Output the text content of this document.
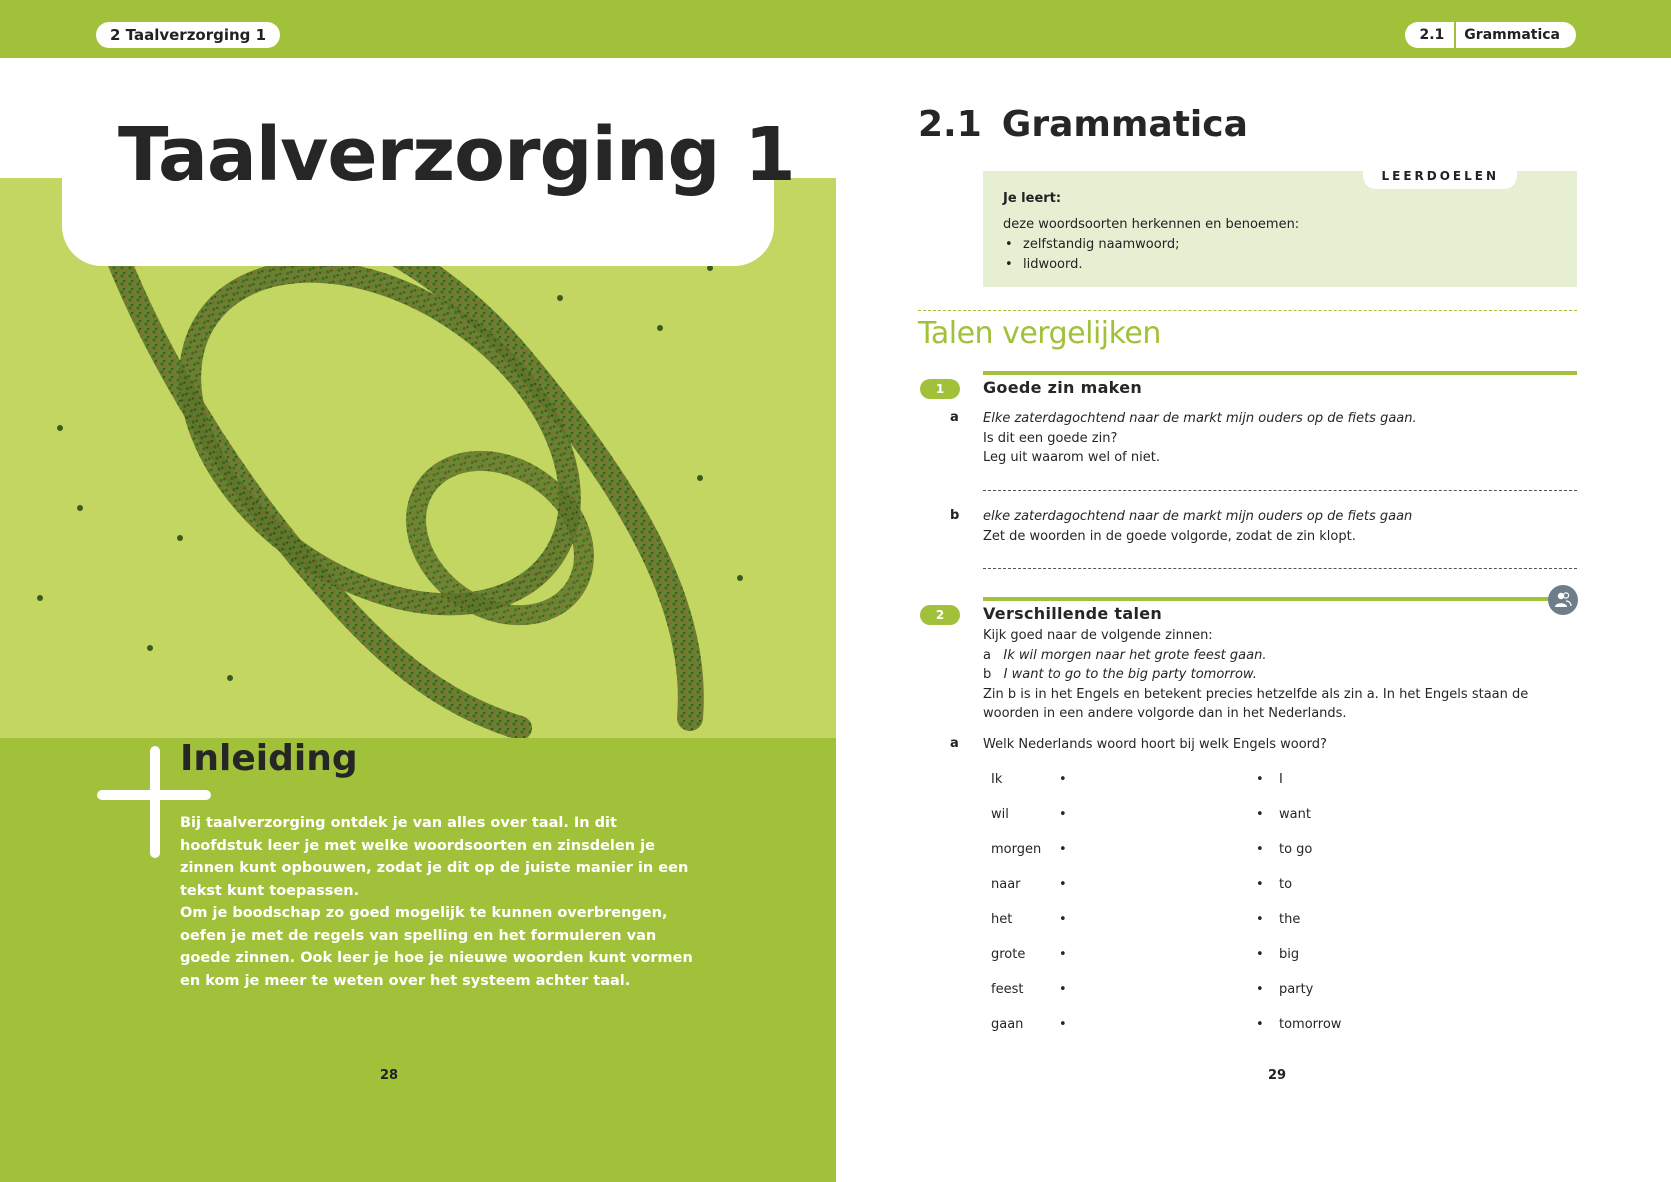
2 Taalverzorging 1	2.1	Grammatica
Taalverzorging 1
Inleiding

Bij taalverzorging ontdek je van alles over taal. In dit hoofdstuk leer je met welke woordsoorten en zinsdelen je zinnen kunt opbouwen, zodat je dit op de juiste manier in een tekst kunt toepassen.

Om je boodschap zo goed mogelijk te kunnen overbrengen, oefen je met de regels van spelling en het formuleren van goede zinnen. Ook leer je hoe je nieuwe woorden kunt vormen en kom je meer te weten over het systeem achter taal.

28
2.1 Grammatica
LEERDOELEN
Je leert:
deze woordsoorten herkennen en benoemen:
• zelfstandig naamwoord;
• lidwoord.
Talen vergelijken
1	Goede zin maken
a Elke zaterdagochtend naar de markt mijn ouders op de fiets gaan.
Is dit een goede zin?
Leg uit waarom wel of niet.
b elke zaterdagochtend naar de markt mijn ouders op de fiets gaan
Zet de woorden in de goede volgorde, zodat de zin klopt.
2	Verschillende talen
Kijk goed naar de volgende zinnen:
a Ik wil morgen naar het grote feest gaan.
b I want to go to the big party tomorrow.
Zin b is in het Engels en betekent precies hetzelfde als zin a. In het Engels staan de woorden in een andere volgorde dan in het Nederlands.
a Welk Nederlands woord hoort bij welk Engels woord?
Ik	•	• I
wil	•	• want
morgen •	• to go
naar	•	• to
het	•	• the
grote	•	• big
feest	•	• party
gaan	•	• tomorrow
29
